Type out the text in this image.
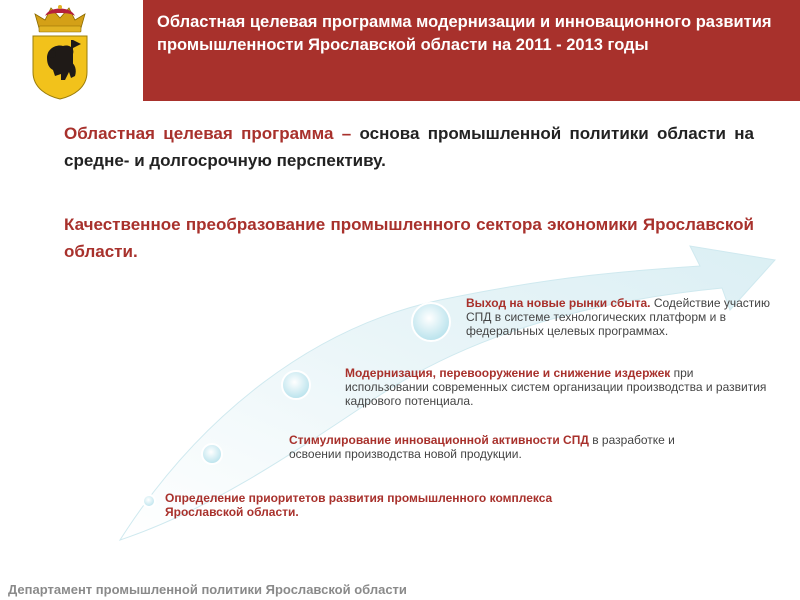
Областная целевая программа модернизации и инновационного развития промышленности Ярославской области на 2011 - 2013 годы

Областная целевая программа – основа промышленной политики области на средне- и долгосрочную перспективу.

Качественное преобразование промышленного сектора экономики Ярославской области.

Определение приоритетов развития промышленного комплекса Ярославской области.
Стимулирование инновационной активности СПД в разработке и освоении производства новой продукции.
Модернизация, перевооружение и снижение издержек при использовании современных систем организации производства и развития кадрового потенциала.
Выход на новые рынки сбыта. Содействие участию СПД в системе технологических платформ и в федеральных целевых программах.
Департамент промышленной политики Ярославской области
